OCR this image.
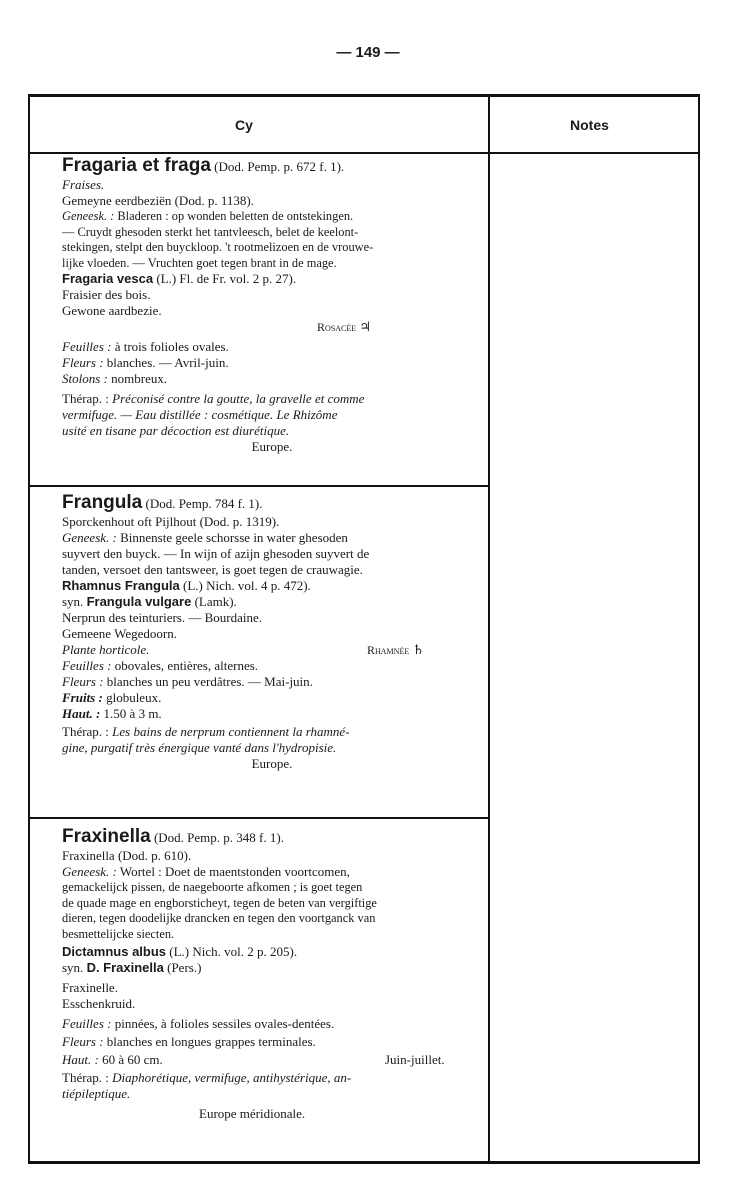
— 149 —
Cy	Notes
Fragaria et fraga (Dod. Pemp. p. 672 f. 1).
Fraises.
Gemeyne eerdbeziën (Dod. p. 1138).
Geneesk. : Bladeren : op wonden beletten de ontstekingen.
— Cruydt ghesoden sterkt het tantvleesch, belet de keelont-
stekingen, stelpt den buyckloop. 't rootmelizoen en de vrouwe-
lijke vloeden. — Vruchten goet tegen brant in de mage.
Fragaria vesca (L.) Fl. de Fr. vol. 2 p. 27).
Fraisier des bois.
Gewone aardbezie.
Rosacée ♃
Feuilles : à trois folioles ovales.
Fleurs : blanches. — Avril-juin.
Stolons : nombreux.
Thérap. : Préconisé contre la goutte, la gravelle et comme
vermifuge. — Eau distillée : cosmétique. Le Rhizôme
usité en tisane par décoction est diurétique.
Europe.
Frangula (Dod. Pemp. 784 f. 1).
Sporckenhout oft Pijlhout (Dod. p. 1319).
Geneesk. : Binnenste geele schorsse in water ghesoden
suyvert den buyck. — In wijn of azijn ghesoden suyvert de
tanden, versoet den tantsweer, is goet tegen de crauwagie.
Rhamnus Frangula (L.) Nich. vol. 4 p. 472).
syn. Frangula vulgare (Lamk).
Nerprun des teinturiers. — Bourdaine.
Gemeene Wegedoorn.
Plante horticole.	Rhamnée ♄
Feuilles : obovales, entières, alternes.
Fleurs : blanches un peu verdâtres. — Mai-juin.
Fruits : globuleux.
Haut. : 1.50 à 3 m.
Thérap. : Les bains de nerprum contiennent la rhamné-
gine, purgatif très énergique vanté dans l'hydropisie.
Europe.
Fraxinella (Dod. Pemp. p. 348 f. 1).
Fraxinella (Dod. p. 610).
Geneesk. : Wortel : Doet de maentstonden voortcomen,
gemackelijck pissen, de naegeboorte afkomen ; is goet tegen
de quade mage en engborsticheyt, tegen de beten van vergiftige
dieren, tegen doodelijke drancken en tegen den voortganck van
besmettelijcke siecten.
Dictamnus albus (L.) Nich. vol. 2 p. 205).
syn. D. Fraxinella (Pers.)
Fraxinelle.
Esschenkruid.
Feuilles : pinnées, à folioles sessiles ovales-dentées.
Fleurs : blanches en longues grappes terminales.
Haut. : 60 à 60 cm.	Juin-juillet.
Thérap. : Diaphorétique, vermifuge, antihystérique, an-
tiépileptique.
Europe méridionale.
